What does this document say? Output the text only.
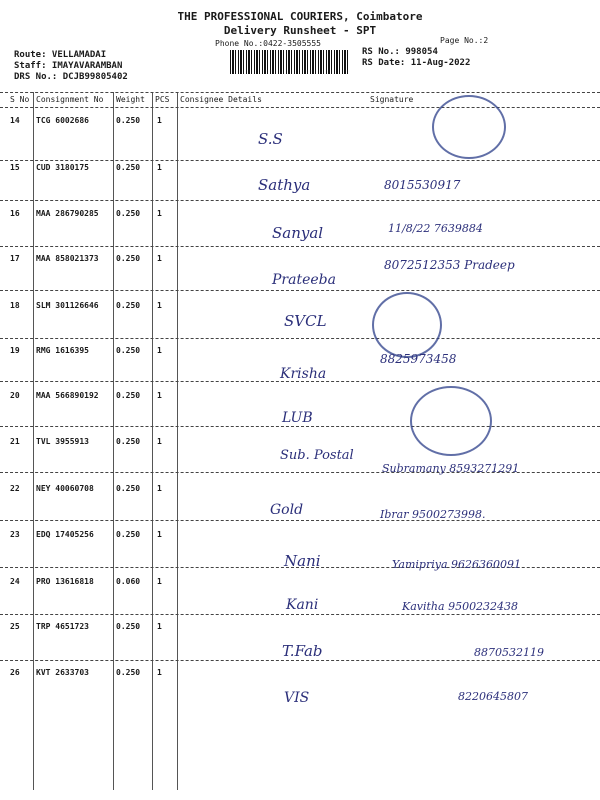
THE PROFESSIONAL COURIERS, Coimbatore
Delivery Runsheet - SPT
Phone No.:0422-3505555	Page No.:2
Route: VELLAMADAI
Staff: IMAYAVARAMBAN
DRS No.: DCJB99805402
RS No.: 998054
RS Date: 11-Aug-2022
S No Consignment No Weight PCS Consignee Details	Signature
14 TCG 6002686	0.250 1
S.S
15 CUD 3180175	0.250 1
Sathya	8015530917
16 MAA 286790285 0.250 1
Sanyal	11/8/22 7639884
17 MAA 858021373 0.250 1
Prateeba
8072512353 Pradeep
18 SLM 301126646 0.250 1
SVCL
19 RMG 1616395	0.250 1
Krisha
8825973458
20 MAA 566890192 0.250 1
LUB
21 TVL 3955913	0.250 1
Sub. Postal
Subramany 8593271291
22 NEY 40060708	0.250 1
Gold	Ibrar 9500273998.
23 EDQ 17405256	0.250 1
Nani	Yamipriya 9626360091
24 PRO 13616818	0.060 1
Kani	Kavitha 9500232438
25 TRP 4651723	0.250 1
T.Fab	8870532119
26 KVT 2633703	0.250 1
VIS	8220645807
